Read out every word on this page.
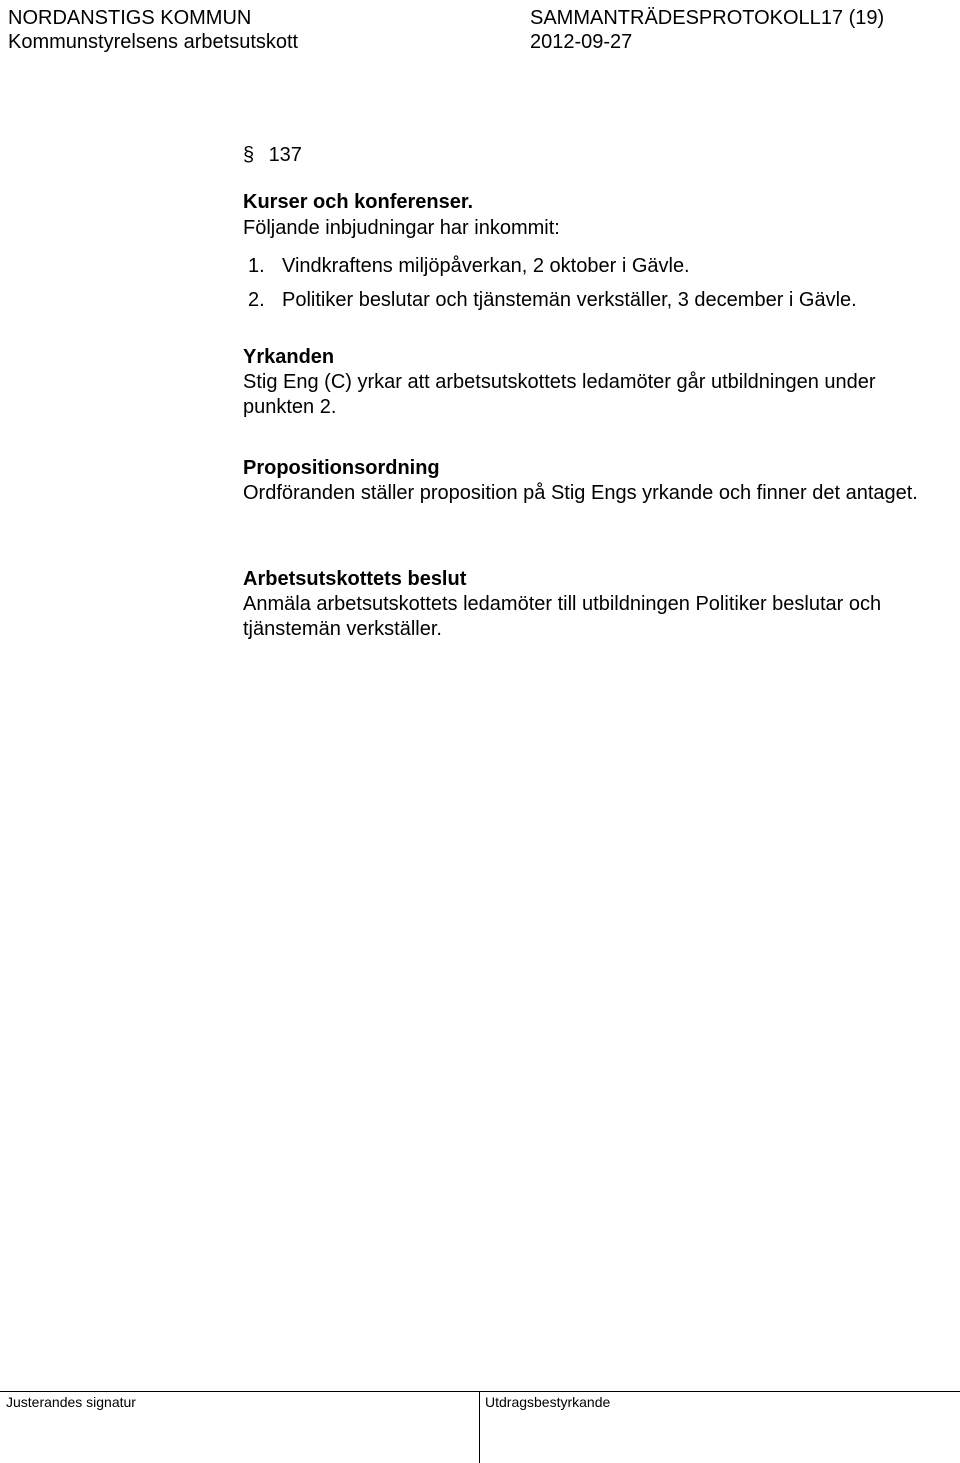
NORDANSTIGS KOMMUN
Kommunstyrelsens arbetsutskott
SAMMANTRÄDESPROTOKOLL17 (19)
2012-09-27
§ 137
Kurser och konferenser.
Följande inbjudningar har inkommit:
1. Vindkraftens miljöpåverkan, 2 oktober i Gävle.
2. Politiker beslutar och tjänstemän verkställer, 3 december i Gävle.

Yrkanden

Stig Eng (C) yrkar att arbetsutskottets ledamöter går utbildningen under punkten 2.

Propositionsordning

Ordföranden ställer proposition på Stig Engs yrkande och finner det antaget.

Arbetsutskottets beslut

Anmäla arbetsutskottets ledamöter till utbildningen Politiker beslutar och tjänstemän verkställer.

Justerandes signatur	Utdragsbestyrkande
